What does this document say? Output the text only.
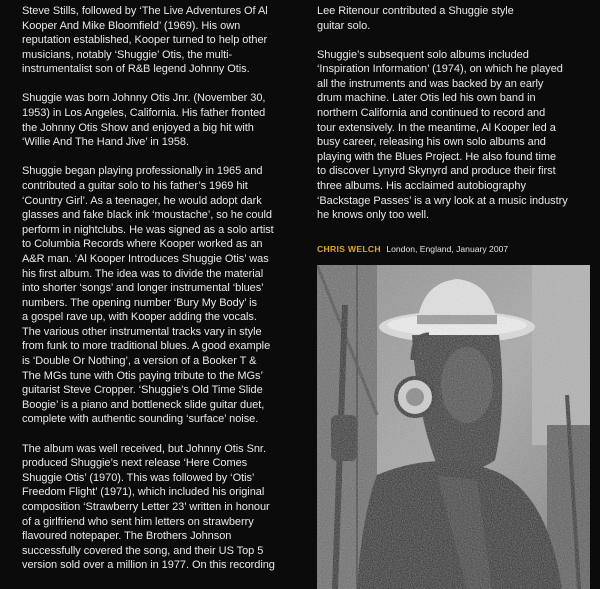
Steve Stills, followed by ‘The Live Adventures Of Al
Kooper And Mike Bloomfield’ (1969). His own
reputation established, Kooper turned to help other
musicians, notably ‘Shuggie’ Otis, the multi-
instrumentalist son of R&B legend Johnny Otis.

Shuggie was born Johnny Otis Jnr. (November 30,
1953) in Los Angeles, California. His father fronted
the Johnny Otis Show and enjoyed a big hit with
‘Willie And The Hand Jive’ in 1958.

Shuggie began playing professionally in 1965 and
contributed a guitar solo to his father’s 1969 hit
‘Country Girl’. As a teenager, he would adopt dark
glasses and fake black ink ‘moustache’, so he could
perform in nightclubs. He was signed as a solo artist
to Columbia Records where Kooper worked as an
A&R man. ‘Al Kooper Introduces Shuggie Otis’ was
his first album. The idea was to divide the material
into shorter ‘songs’ and longer instrumental ‘blues’
numbers. The opening number ‘Bury My Body’ is
a gospel rave up, with Kooper adding the vocals.
The various other instrumental tracks vary in style
from funk to more traditional blues. A good example
is ‘Double Or Nothing’, a version of a Booker T &
The MGs tune with Otis paying tribute to the MGs’
guitarist Steve Cropper. ‘Shuggie’s Old Time Slide
Boogie’ is a piano and bottleneck slide guitar duet,
complete with authentic sounding ‘surface’ noise.

The album was well received, but Johnny Otis Snr.
produced Shuggie’s next release ‘Here Comes
Shuggie Otis’ (1970). This was followed by ‘Otis’
Freedom Flight’ (1971), which included his original
composition ‘Strawberry Letter 23’ written in honour
of a girlfriend who sent him letters on strawberry
flavoured notepaper. The Brothers Johnson
successfully covered the song, and their US Top 5
version sold over a million in 1977. On this recording

Lee Ritenour contributed a Shuggie style
guitar solo.

Shuggie’s subsequent solo albums included
‘Inspiration Information’ (1974), on which he played
all the instruments and was backed by an early
drum machine. Later Otis led his own band in
northern California and continued to record and
tour extensively. In the meantime, Al Kooper led a
busy career, releasing his own solo albums and
playing with the Blues Project. He also found time
to discover Lynyrd Skynyrd and produce their first
three albums. His acclaimed autobiography
‘Backstage Passes’ is a wry look at a music industry
he knows only too well.

CHRIS WELCH London, England, January 2007
